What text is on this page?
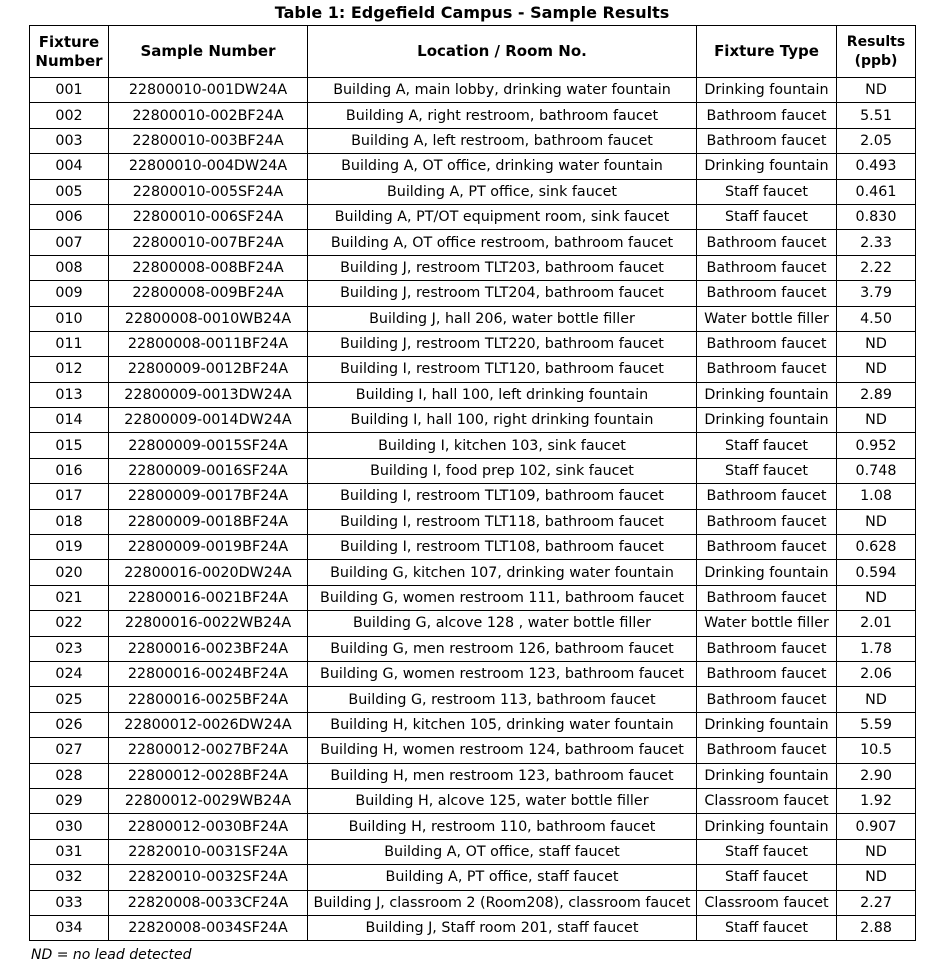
Table 1: Edgefield Campus - Sample Results
Fixture
Number	Sample Number	Location / Room No.	Fixture Type	Results
(ppb)
001	22800010-001DW24A	Building A, main lobby, drinking water fountain	Drinking fountain	ND
002	22800010-002BF24A	Building A, right restroom, bathroom faucet	Bathroom faucet	5.51
003	22800010-003BF24A	Building A, left restroom, bathroom faucet	Bathroom faucet	2.05
004	22800010-004DW24A	Building A, OT office, drinking water fountain	Drinking fountain	0.493
005	22800010-005SF24A	Building A, PT office, sink faucet	Staff faucet	0.461
006	22800010-006SF24A	Building A, PT/OT equipment room, sink faucet	Staff faucet	0.830
007	22800010-007BF24A	Building A, OT office restroom, bathroom faucet	Bathroom faucet	2.33
008	22800008-008BF24A	Building J, restroom TLT203, bathroom faucet	Bathroom faucet	2.22
009	22800008-009BF24A	Building J, restroom TLT204, bathroom faucet	Bathroom faucet	3.79
010	22800008-0010WB24A	Building J, hall 206, water bottle filler	Water bottle filler	4.50
011	22800008-0011BF24A	Building J, restroom TLT220, bathroom faucet	Bathroom faucet	ND
012	22800009-0012BF24A	Building I, restroom TLT120, bathroom faucet	Bathroom faucet	ND
013	22800009-0013DW24A	Building I, hall 100, left drinking fountain	Drinking fountain	2.89
014	22800009-0014DW24A	Building I, hall 100, right drinking fountain	Drinking fountain	ND
015	22800009-0015SF24A	Building I, kitchen 103, sink faucet	Staff faucet	0.952
016	22800009-0016SF24A	Building I, food prep 102, sink faucet	Staff faucet	0.748
017	22800009-0017BF24A	Building I, restroom TLT109, bathroom faucet	Bathroom faucet	1.08
018	22800009-0018BF24A	Building I, restroom TLT118, bathroom faucet	Bathroom faucet	ND
019	22800009-0019BF24A	Building I, restroom TLT108, bathroom faucet	Bathroom faucet	0.628
020	22800016-0020DW24A	Building G, kitchen 107, drinking water fountain	Drinking fountain	0.594
021	22800016-0021BF24A	Building G, women restroom 111, bathroom faucet	Bathroom faucet	ND
022	22800016-0022WB24A	Building G, alcove 128 , water bottle filler	Water bottle filler	2.01
023	22800016-0023BF24A	Building G, men restroom 126, bathroom faucet	Bathroom faucet	1.78
024	22800016-0024BF24A	Building G, women restroom 123, bathroom faucet	Bathroom faucet	2.06
025	22800016-0025BF24A	Building G, restroom 113, bathroom faucet	Bathroom faucet	ND
026	22800012-0026DW24A	Building H, kitchen 105, drinking water fountain	Drinking fountain	5.59
027	22800012-0027BF24A	Building H, women restroom 124, bathroom faucet	Bathroom faucet	10.5
028	22800012-0028BF24A	Building H, men restroom 123, bathroom faucet	Drinking fountain	2.90
029	22800012-0029WB24A	Building H, alcove 125, water bottle filler	Classroom faucet	1.92
030	22800012-0030BF24A	Building H, restroom 110, bathroom faucet	Drinking fountain	0.907
031	22820010-0031SF24A	Building A, OT office, staff faucet	Staff faucet	ND
032	22820010-0032SF24A	Building A, PT office, staff faucet	Staff faucet	ND
033	22820008-0033CF24A	Building J, classroom 2 (Room208), classroom faucet	Classroom faucet	2.27
034	22820008-0034SF24A	Building J, Staff room 201, staff faucet	Staff faucet	2.88
ND = no lead detected
